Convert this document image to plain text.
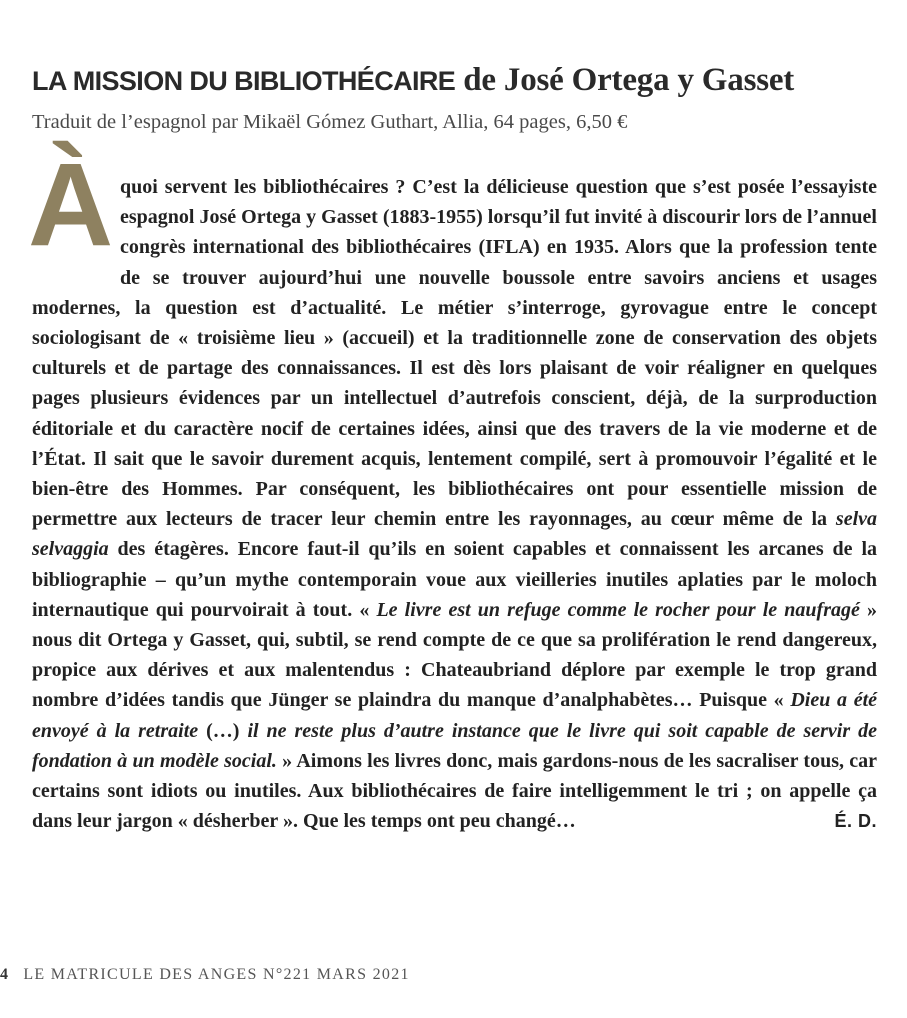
LA MISSION DU BIBLIOTHÉCAIRE de José Ortega y Gasset

Traduit de l’espagnol par Mikaël Gómez Guthart, Allia, 64 pages, 6,50 €

À quoi servent les bibliothécaires ? C’est la délicieuse question que s’est posée l’essayiste espagnol José Ortega y Gasset (1883-1955) lorsqu’il fut invité à discourir lors de l’annuel congrès international des bibliothécaires (IFLA) en 1935. Alors que la profession tente de se trouver aujourd’hui une nouvelle boussole entre savoirs anciens et usages modernes, la question est d’actualité. Le métier s’interroge, gyrovague entre le concept sociologisant de « troisième lieu » (accueil) et la traditionnelle zone de conservation des objets culturels et de partage des connaissances. Il est dès lors plaisant de voir réaligner en quelques pages plusieurs évidences par un intellectuel d’autrefois conscient, déjà, de la surproduction éditoriale et du caractère nocif de certaines idées, ainsi que des travers de la vie moderne et de l’État. Il sait que le savoir durement acquis, lentement compilé, sert à promouvoir l’égalité et le bien-être des Hommes. Par conséquent, les bibliothécaires ont pour essentielle mission de permettre aux lecteurs de tracer leur chemin entre les rayonnages, au cœur même de la selva selvaggia des étagères. Encore faut-il qu’ils en soient capables et connaissent les arcanes de la bibliographie – qu’un mythe contemporain voue aux vieilleries inutiles aplaties par le moloch internautique qui pourvoirait à tout. « Le livre est un refuge comme le rocher pour le naufragé » nous dit Ortega y Gasset, qui, subtil, se rend compte de ce que sa prolifération le rend dangereux, propice aux dérives et aux malentendus : Chateaubriand déplore par exemple le trop grand nombre d’idées tandis que Jünger se plaindra du manque d’analphabètes… Puisque « Dieu a été envoyé à la retraite (…) il ne reste plus d’autre instance que le livre qui soit capable de servir de fondation à un modèle social. » Aimons les livres donc, mais gardons-nous de les sacraliser tous, car certains sont idiots ou inutiles. Aux bibliothécaires de faire intelligemment le tri ; on appelle ça dans leur jargon « désherber ». Que les temps ont peu changé…	É. D.

4 LE MATRICULE DES ANGES N°221 MARS 2021
